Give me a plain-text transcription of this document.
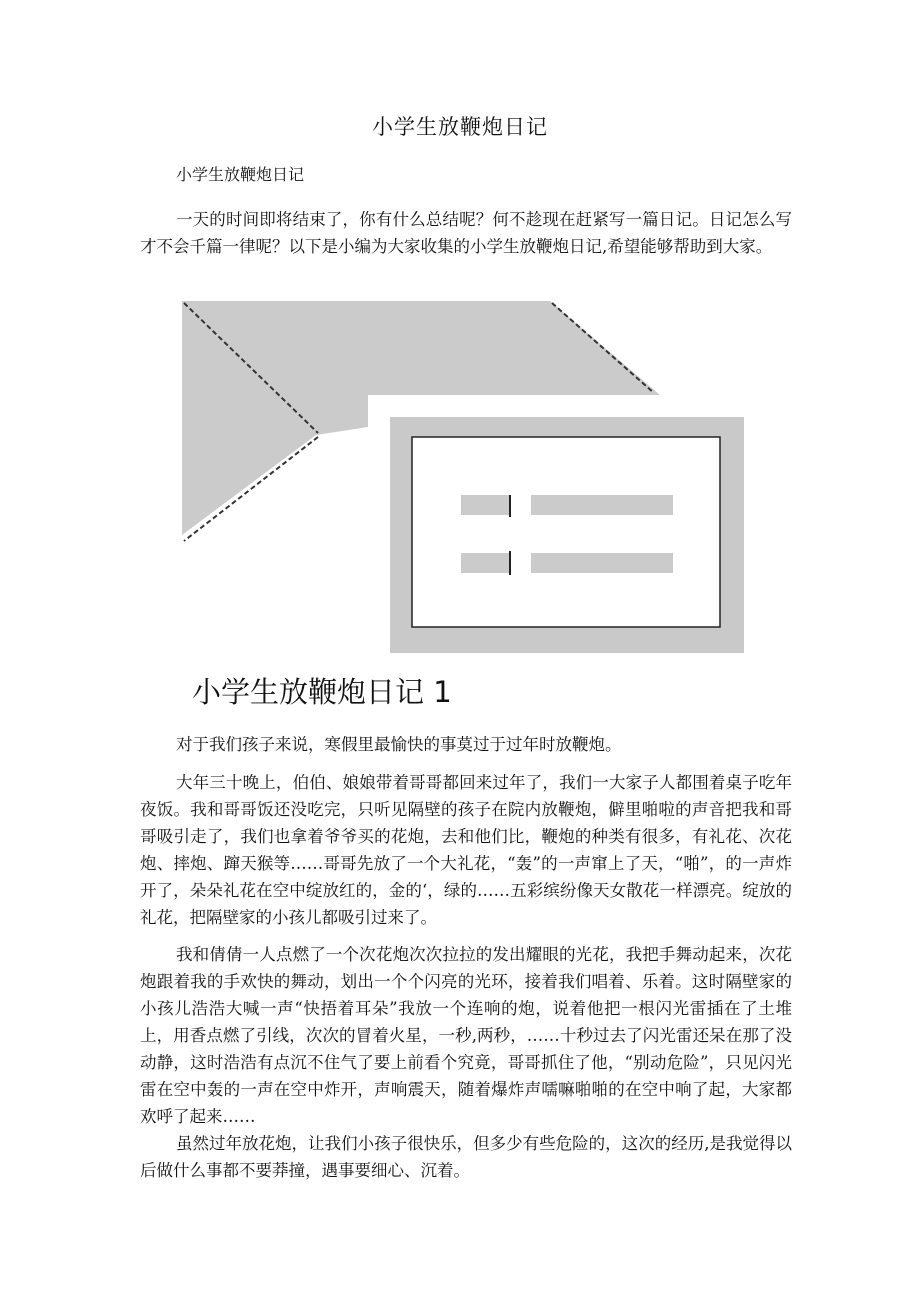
小学生放鞭炮日记
小学生放鞭炮日记

一天的时间即将结束了，你有什么总结呢？何不趁现在赶紧写一篇日记。日记怎么写才不会千篇一律呢？以下是小编为大家收集的小学生放鞭炮日记,希望能够帮助到大家。

小学生放鞭炮日记 1

对于我们孩子来说，寒假里最愉快的事莫过于过年时放鞭炮。

大年三十晚上，伯伯、娘娘带着哥哥都回来过年了，我们一大家子人都围着桌子吃年夜饭。我和哥哥饭还没吃完，只听见隔壁的孩子在院内放鞭炮，僻里啪啦的声音把我和哥哥吸引走了，我们也拿着爷爷买的花炮，去和他们比，鞭炮的种类有很多，有礼花、次花炮、摔炮、蹿天猴等……哥哥先放了一个大礼花，“轰”的一声窜上了天，“啪”，的一声炸开了，朵朵礼花在空中绽放红的，金的‘，绿的……五彩缤纷像天女散花一样漂亮。绽放的礼花，把隔壁家的小孩儿都吸引过来了。

我和倩倩一人点燃了一个次花炮次次拉拉的发出耀眼的光花，我把手舞动起来，次花炮跟着我的手欢快的舞动，划出一个个闪亮的光环，接着我们唱着、乐着。这时隔壁家的小孩儿浩浩大喊一声“快捂着耳朵”我放一个连响的炮，说着他把一根闪光雷插在了土堆上，用香点燃了引线，次次的冒着火星，一秒,两秒，……十秒过去了闪光雷还呆在那了没动静，这时浩浩有点沉不住气了要上前看个究竟，哥哥抓住了他，“别动危险”，只见闪光雷在空中轰的一声在空中炸开，声响震天，随着爆炸声嚅嘛啪啪的在空中响了起，大家都欢呼了起来……

虽然过年放花炮，让我们小孩子很快乐，但多少有些危险的，这次的经历,是我觉得以后做什么事都不要莽撞，遇事要细心、沉着。
